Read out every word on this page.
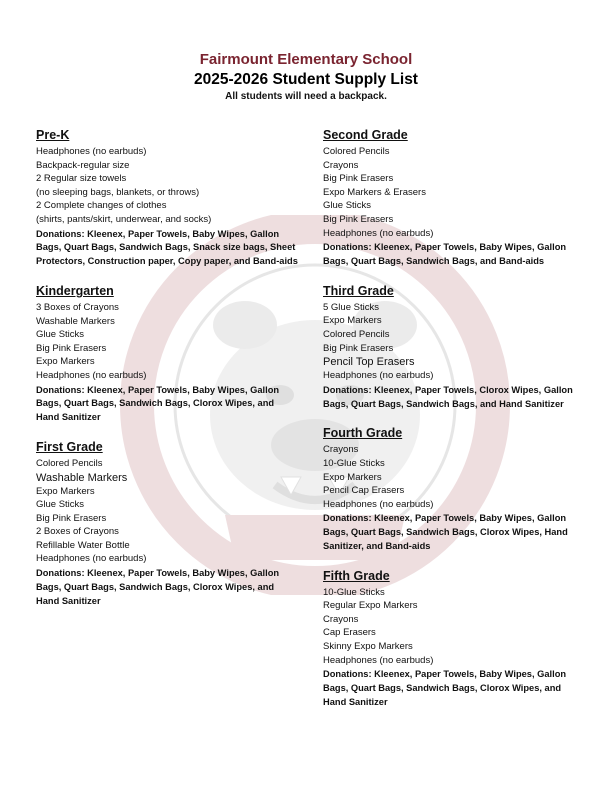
Fairmount Elementary School
2025-2026 Student Supply List
All students will need a backpack.
Pre-K
Headphones (no earbuds)
Backpack-regular size
2 Regular size towels
(no sleeping bags, blankets, or throws)
2 Complete changes of clothes
(shirts, pants/skirt, underwear, and socks)
Donations: Kleenex, Paper Towels, Baby Wipes, Gallon Bags, Quart Bags, Sandwich Bags, Snack size bags, Sheet Protectors, Construction paper, Copy paper, and Band-aids
Kindergarten
3 Boxes of Crayons
Washable Markers
Glue Sticks
Big Pink Erasers
Expo Markers
Headphones (no earbuds)
Donations: Kleenex, Paper Towels, Baby Wipes, Gallon Bags, Quart Bags, Sandwich Bags, Clorox Wipes, and Hand Sanitizer
First Grade
Colored Pencils
Washable Markers
Expo Markers
Glue Sticks
Big Pink Erasers
2 Boxes of Crayons
Refillable Water Bottle
Headphones (no earbuds)
Donations: Kleenex, Paper Towels, Baby Wipes, Gallon Bags, Quart Bags, Sandwich Bags, Clorox Wipes, and Hand Sanitizer
Second Grade
Colored Pencils
Crayons
Big Pink Erasers
Expo Markers & Erasers
Glue Sticks
Big Pink Erasers
Headphones (no earbuds)
Donations: Kleenex, Paper Towels, Baby Wipes, Gallon Bags, Quart Bags, Sandwich Bags, and Band-aids
Third Grade
5 Glue Sticks
Expo Markers
Colored Pencils
Big Pink Erasers
Pencil Top Erasers
Headphones (no earbuds)
Donations: Kleenex, Paper Towels, Clorox Wipes, Gallon Bags, Quart Bags, Sandwich Bags, and Hand Sanitizer
Fourth Grade
Crayons
10-Glue Sticks
Expo Markers
Pencil Cap Erasers
Headphones (no earbuds)
Donations: Kleenex, Paper Towels, Baby Wipes, Gallon Bags, Quart Bags, Sandwich Bags, Clorox Wipes, Hand Sanitizer, and Band-aids
Fifth Grade
10-Glue Sticks
Regular Expo Markers
Crayons
Cap Erasers
Skinny Expo Markers
Headphones (no earbuds)
Donations: Kleenex, Paper Towels, Baby Wipes, Gallon Bags, Quart Bags, Sandwich Bags, Clorox Wipes, and Hand Sanitizer
